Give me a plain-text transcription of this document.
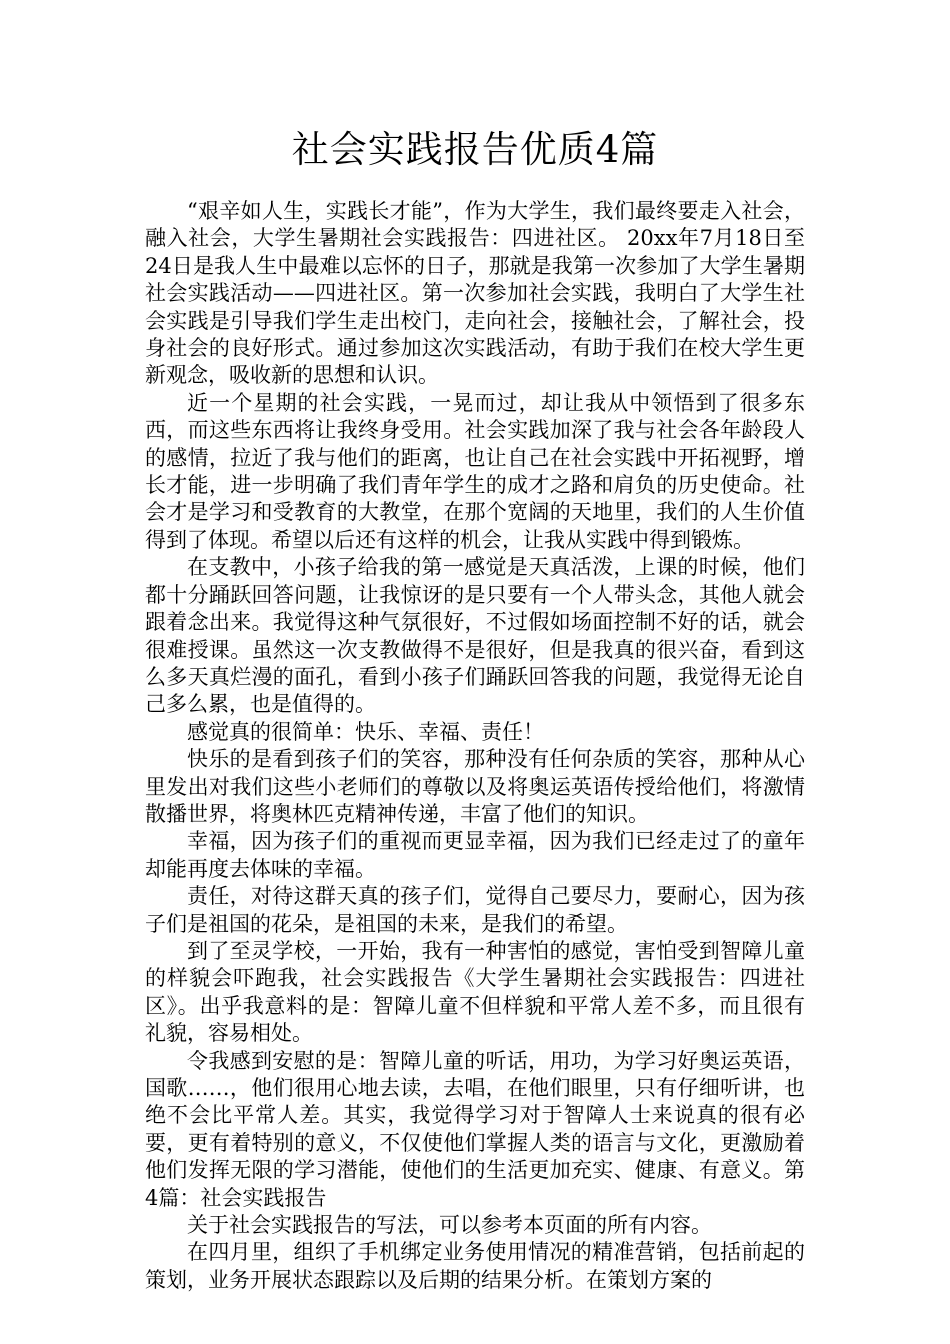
社会实践报告优质4篇

“艰辛如人生，实践长才能”，作为大学生，我们最终要走入社会，融入社会，大学生暑期社会实践报告：四进社区。 20xx年7月18日至24日是我人生中最难以忘怀的日子，那就是我第一次参加了大学生暑期社会实践活动——四进社区。第一次参加社会实践，我明白了大学生社会实践是引导我们学生走出校门，走向社会，接触社会，了解社会，投身社会的良好形式。通过参加这次实践活动，有助于我们在校大学生更新观念，吸收新的思想和认识。

近一个星期的社会实践，一晃而过，却让我从中领悟到了很多东西，而这些东西将让我终身受用。社会实践加深了我与社会各年龄段人的感情，拉近了我与他们的距离，也让自己在社会实践中开拓视野，增长才能，进一步明确了我们青年学生的成才之路和肩负的历史使命。社会才是学习和受教育的大教堂，在那个宽阔的天地里，我们的人生价值得到了体现。希望以后还有这样的机会，让我从实践中得到锻炼。

在支教中，小孩子给我的第一感觉是天真活泼，上课的时候，他们都十分踊跃回答问题，让我惊讶的是只要有一个人带头念，其他人就会跟着念出来。我觉得这种气氛很好，不过假如场面控制不好的话，就会很难授课。虽然这一次支教做得不是很好，但是我真的很兴奋，看到这么多天真烂漫的面孔，看到小孩子们踊跃回答我的问题，我觉得无论自己多么累，也是值得的。

感觉真的很简单：快乐、幸福、责任！

快乐的是看到孩子们的笑容，那种没有任何杂质的笑容，那种从心里发出对我们这些小老师们的尊敬以及将奥运英语传授给他们，将激情散播世界，将奥林匹克精神传递，丰富了他们的知识。

幸福，因为孩子们的重视而更显幸福，因为我们已经走过了的童年却能再度去体味的幸福。

责任，对待这群天真的孩子们，觉得自己要尽力，要耐心，因为孩子们是祖国的花朵，是祖国的未来，是我们的希望。

到了至灵学校，一开始，我有一种害怕的感觉，害怕受到智障儿童的样貌会吓跑我，社会实践报告《大学生暑期社会实践报告：四进社区》。出乎我意料的是：智障儿童不但样貌和平常人差不多，而且很有礼貌，容易相处。

令我感到安慰的是：智障儿童的听话，用功，为学习好奥运英语，国歌……，他们很用心地去读，去唱，在他们眼里，只有仔细听讲，也绝不会比平常人差。其实，我觉得学习对于智障人士来说真的很有必要，更有着特别的意义，不仅使他们掌握人类的语言与文化，更激励着他们发挥无限的学习潜能，使他们的生活更加充实、健康、有意义。第4篇：社会实践报告

关于社会实践报告的写法，可以参考本页面的所有内容。

在四月里，组织了手机绑定业务使用情况的精准营销，包括前起的策划，业务开展状态跟踪以及后期的结果分析。在策划方案的
